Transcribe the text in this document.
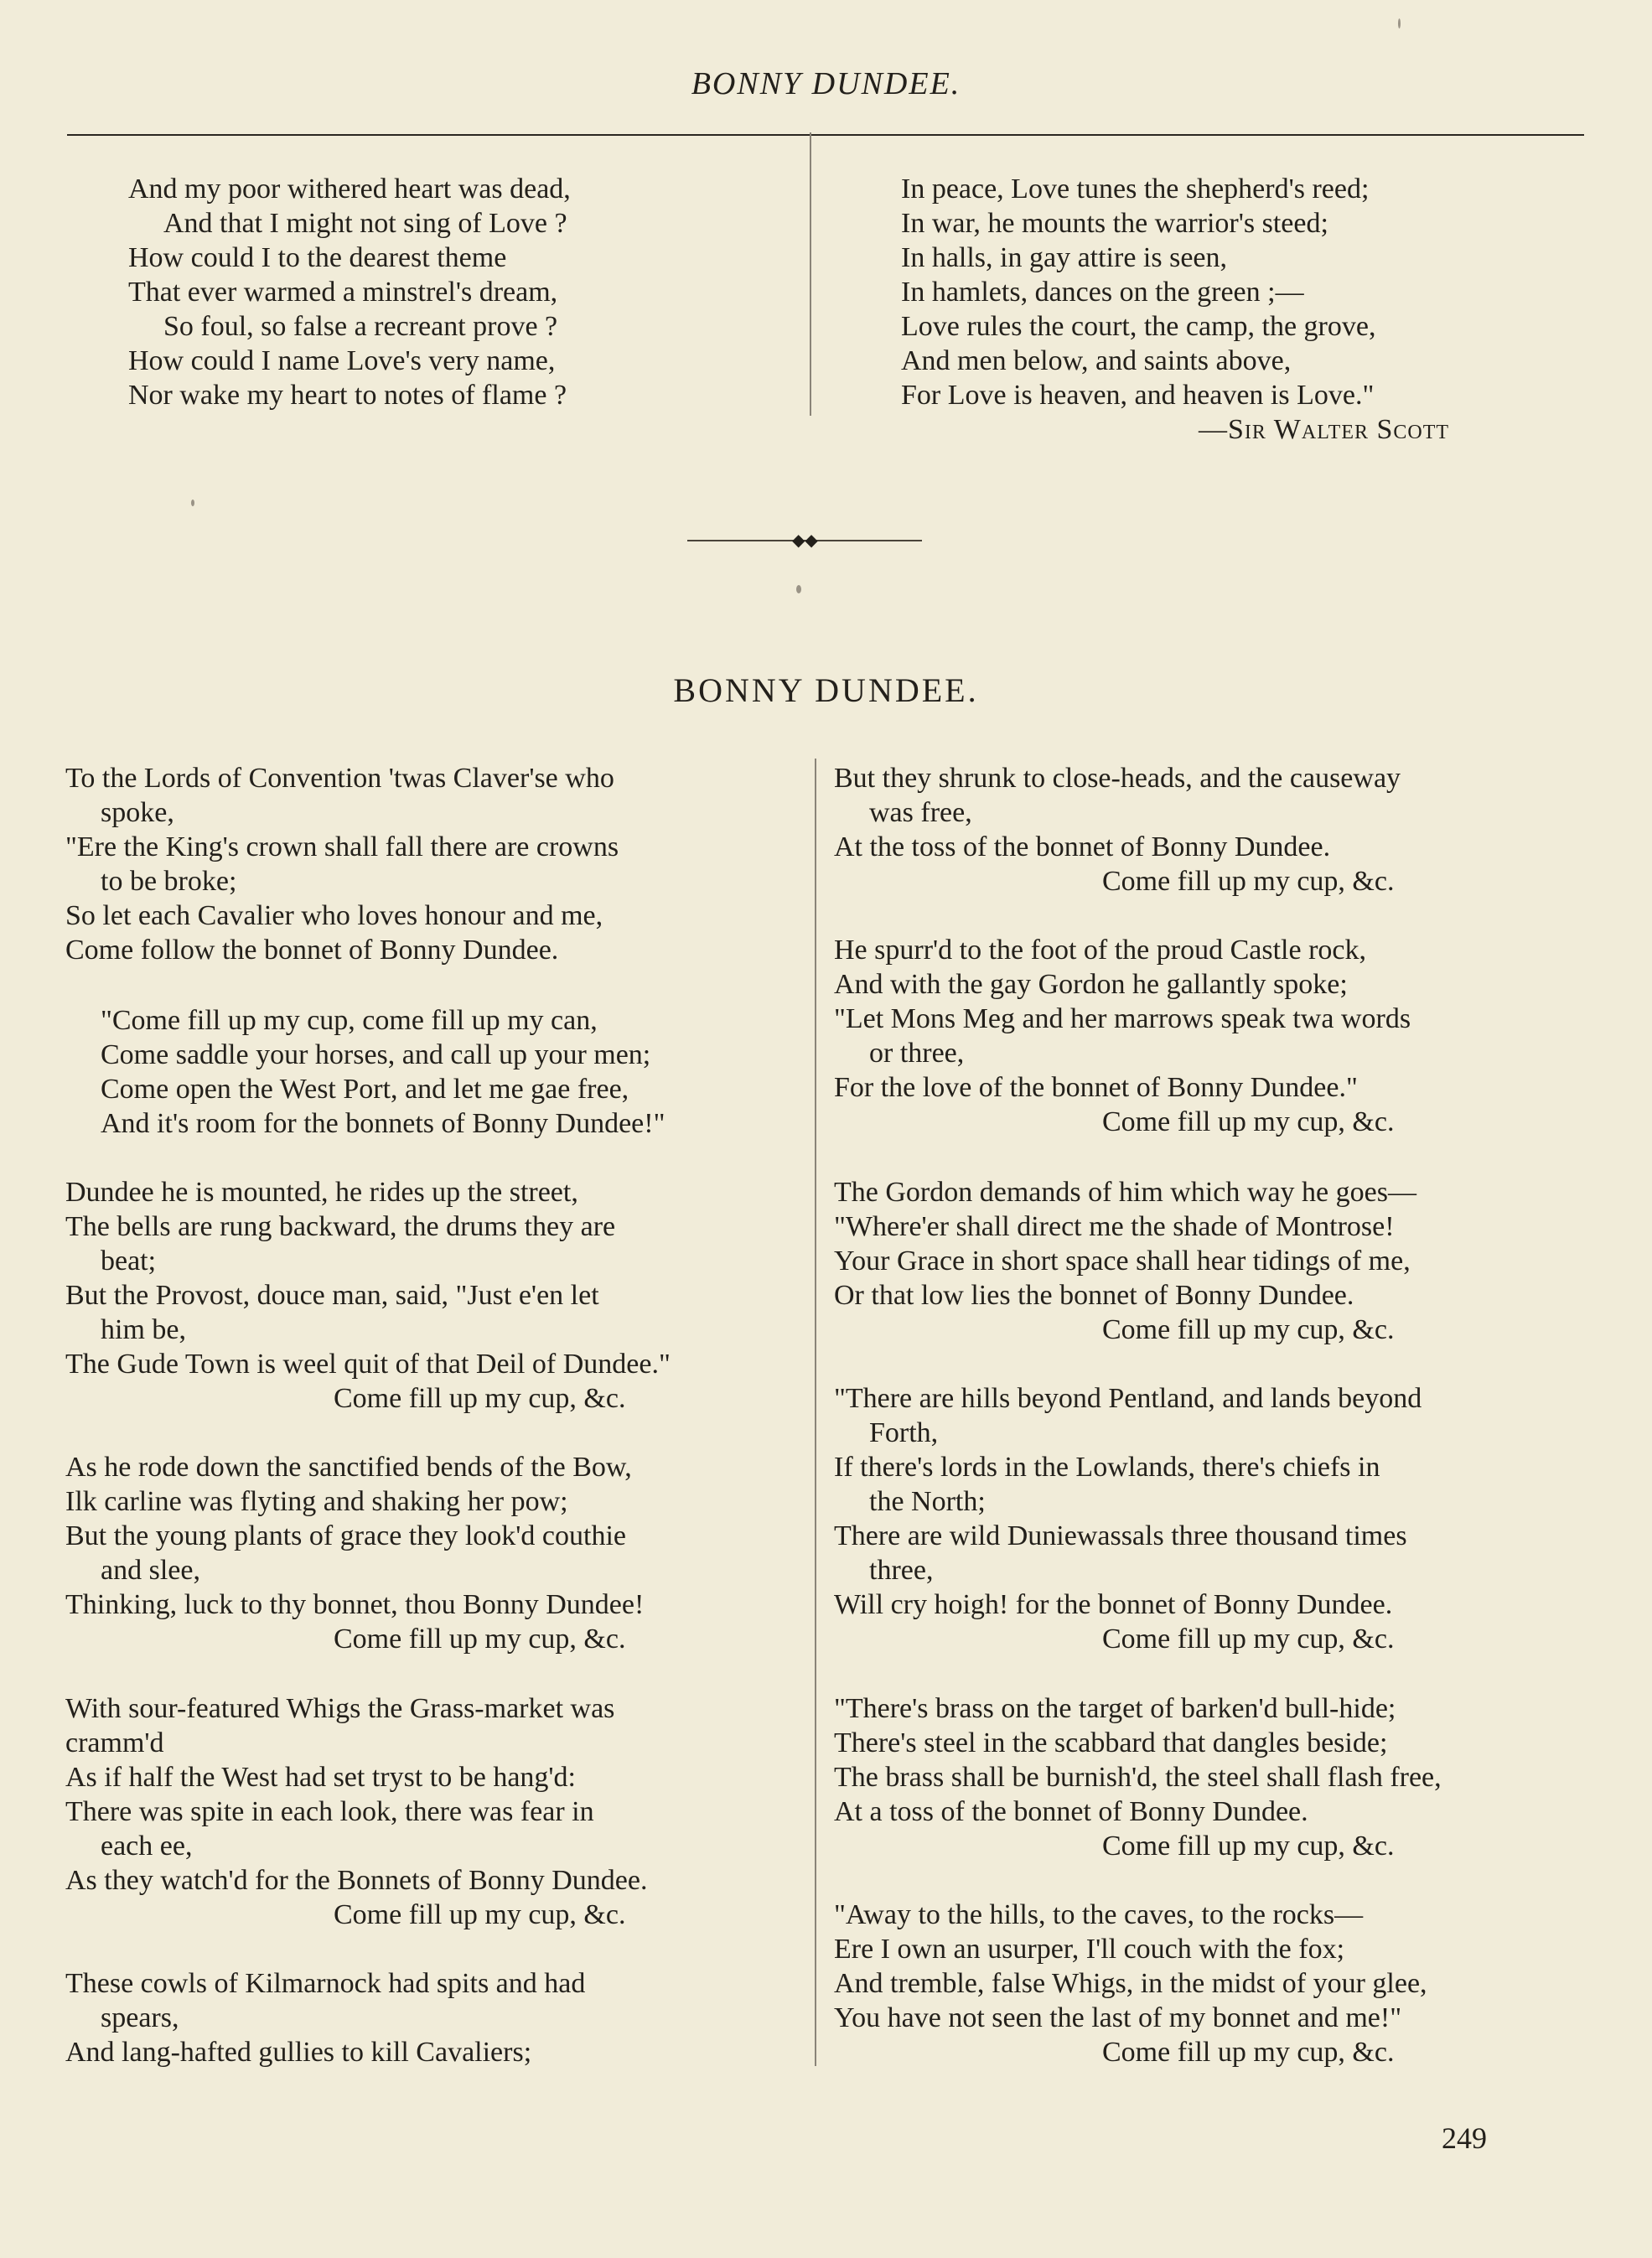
BONNY DUNDEE.
And my poor withered heart was dead,
And that I might not sing of Love ?
How could I to the dearest theme
That ever warmed a minstrel's dream,
So foul, so false a recreant prove ?
How could I name Love's very name,
Nor wake my heart to notes of flame ?
In peace, Love tunes the shepherd's reed;
In war, he mounts the warrior's steed;
In halls, in gay attire is seen,
In hamlets, dances on the green ;—
Love rules the court, the camp, the grove,
And men below, and saints above,
For Love is heaven, and heaven is Love."
—Sir Walter Scott
◆◆
BONNY DUNDEE.
To the Lords of Convention 'twas Claver'se who
spoke,
"Ere the King's crown shall fall there are crowns
to be broke;
So let each Cavalier who loves honour and me,
Come follow the bonnet of Bonny Dundee.
"Come fill up my cup, come fill up my can,
Come saddle your horses, and call up your men;
Come open the West Port, and let me gae free,
And it's room for the bonnets of Bonny Dundee!"
Dundee he is mounted, he rides up the street,
The bells are rung backward, the drums they are
beat;
But the Provost, douce man, said, "Just e'en let
him be,
The Gude Town is weel quit of that Deil of Dundee."
Come fill up my cup, &c.
As he rode down the sanctified bends of the Bow,
Ilk carline was flyting and shaking her pow;
But the young plants of grace they look'd couthie
and slee,
Thinking, luck to thy bonnet, thou Bonny Dundee!
Come fill up my cup, &c.
With sour-featured Whigs the Grass-market was
cramm'd
As if half the West had set tryst to be hang'd:
There was spite in each look, there was fear in
each ee,
As they watch'd for the Bonnets of Bonny Dundee.
Come fill up my cup, &c.
These cowls of Kilmarnock had spits and had
spears,
And lang-hafted gullies to kill Cavaliers;
But they shrunk to close-heads, and the causeway
was free,
At the toss of the bonnet of Bonny Dundee.
Come fill up my cup, &c.
He spurr'd to the foot of the proud Castle rock,
And with the gay Gordon he gallantly spoke;
"Let Mons Meg and her marrows speak twa words
or three,
For the love of the bonnet of Bonny Dundee."
Come fill up my cup, &c.
The Gordon demands of him which way he goes—
"Where'er shall direct me the shade of Montrose!
Your Grace in short space shall hear tidings of me,
Or that low lies the bonnet of Bonny Dundee.
Come fill up my cup, &c.
"There are hills beyond Pentland, and lands beyond
Forth,
If there's lords in the Lowlands, there's chiefs in
the North;
There are wild Duniewassals three thousand times
three,
Will cry hoigh! for the bonnet of Bonny Dundee.
Come fill up my cup, &c.
"There's brass on the target of barken'd bull-hide;
There's steel in the scabbard that dangles beside;
The brass shall be burnish'd, the steel shall flash free,
At a toss of the bonnet of Bonny Dundee.
Come fill up my cup, &c.
"Away to the hills, to the caves, to the rocks—
Ere I own an usurper, I'll couch with the fox;
And tremble, false Whigs, in the midst of your glee,
You have not seen the last of my bonnet and me!"
Come fill up my cup, &c.
249
